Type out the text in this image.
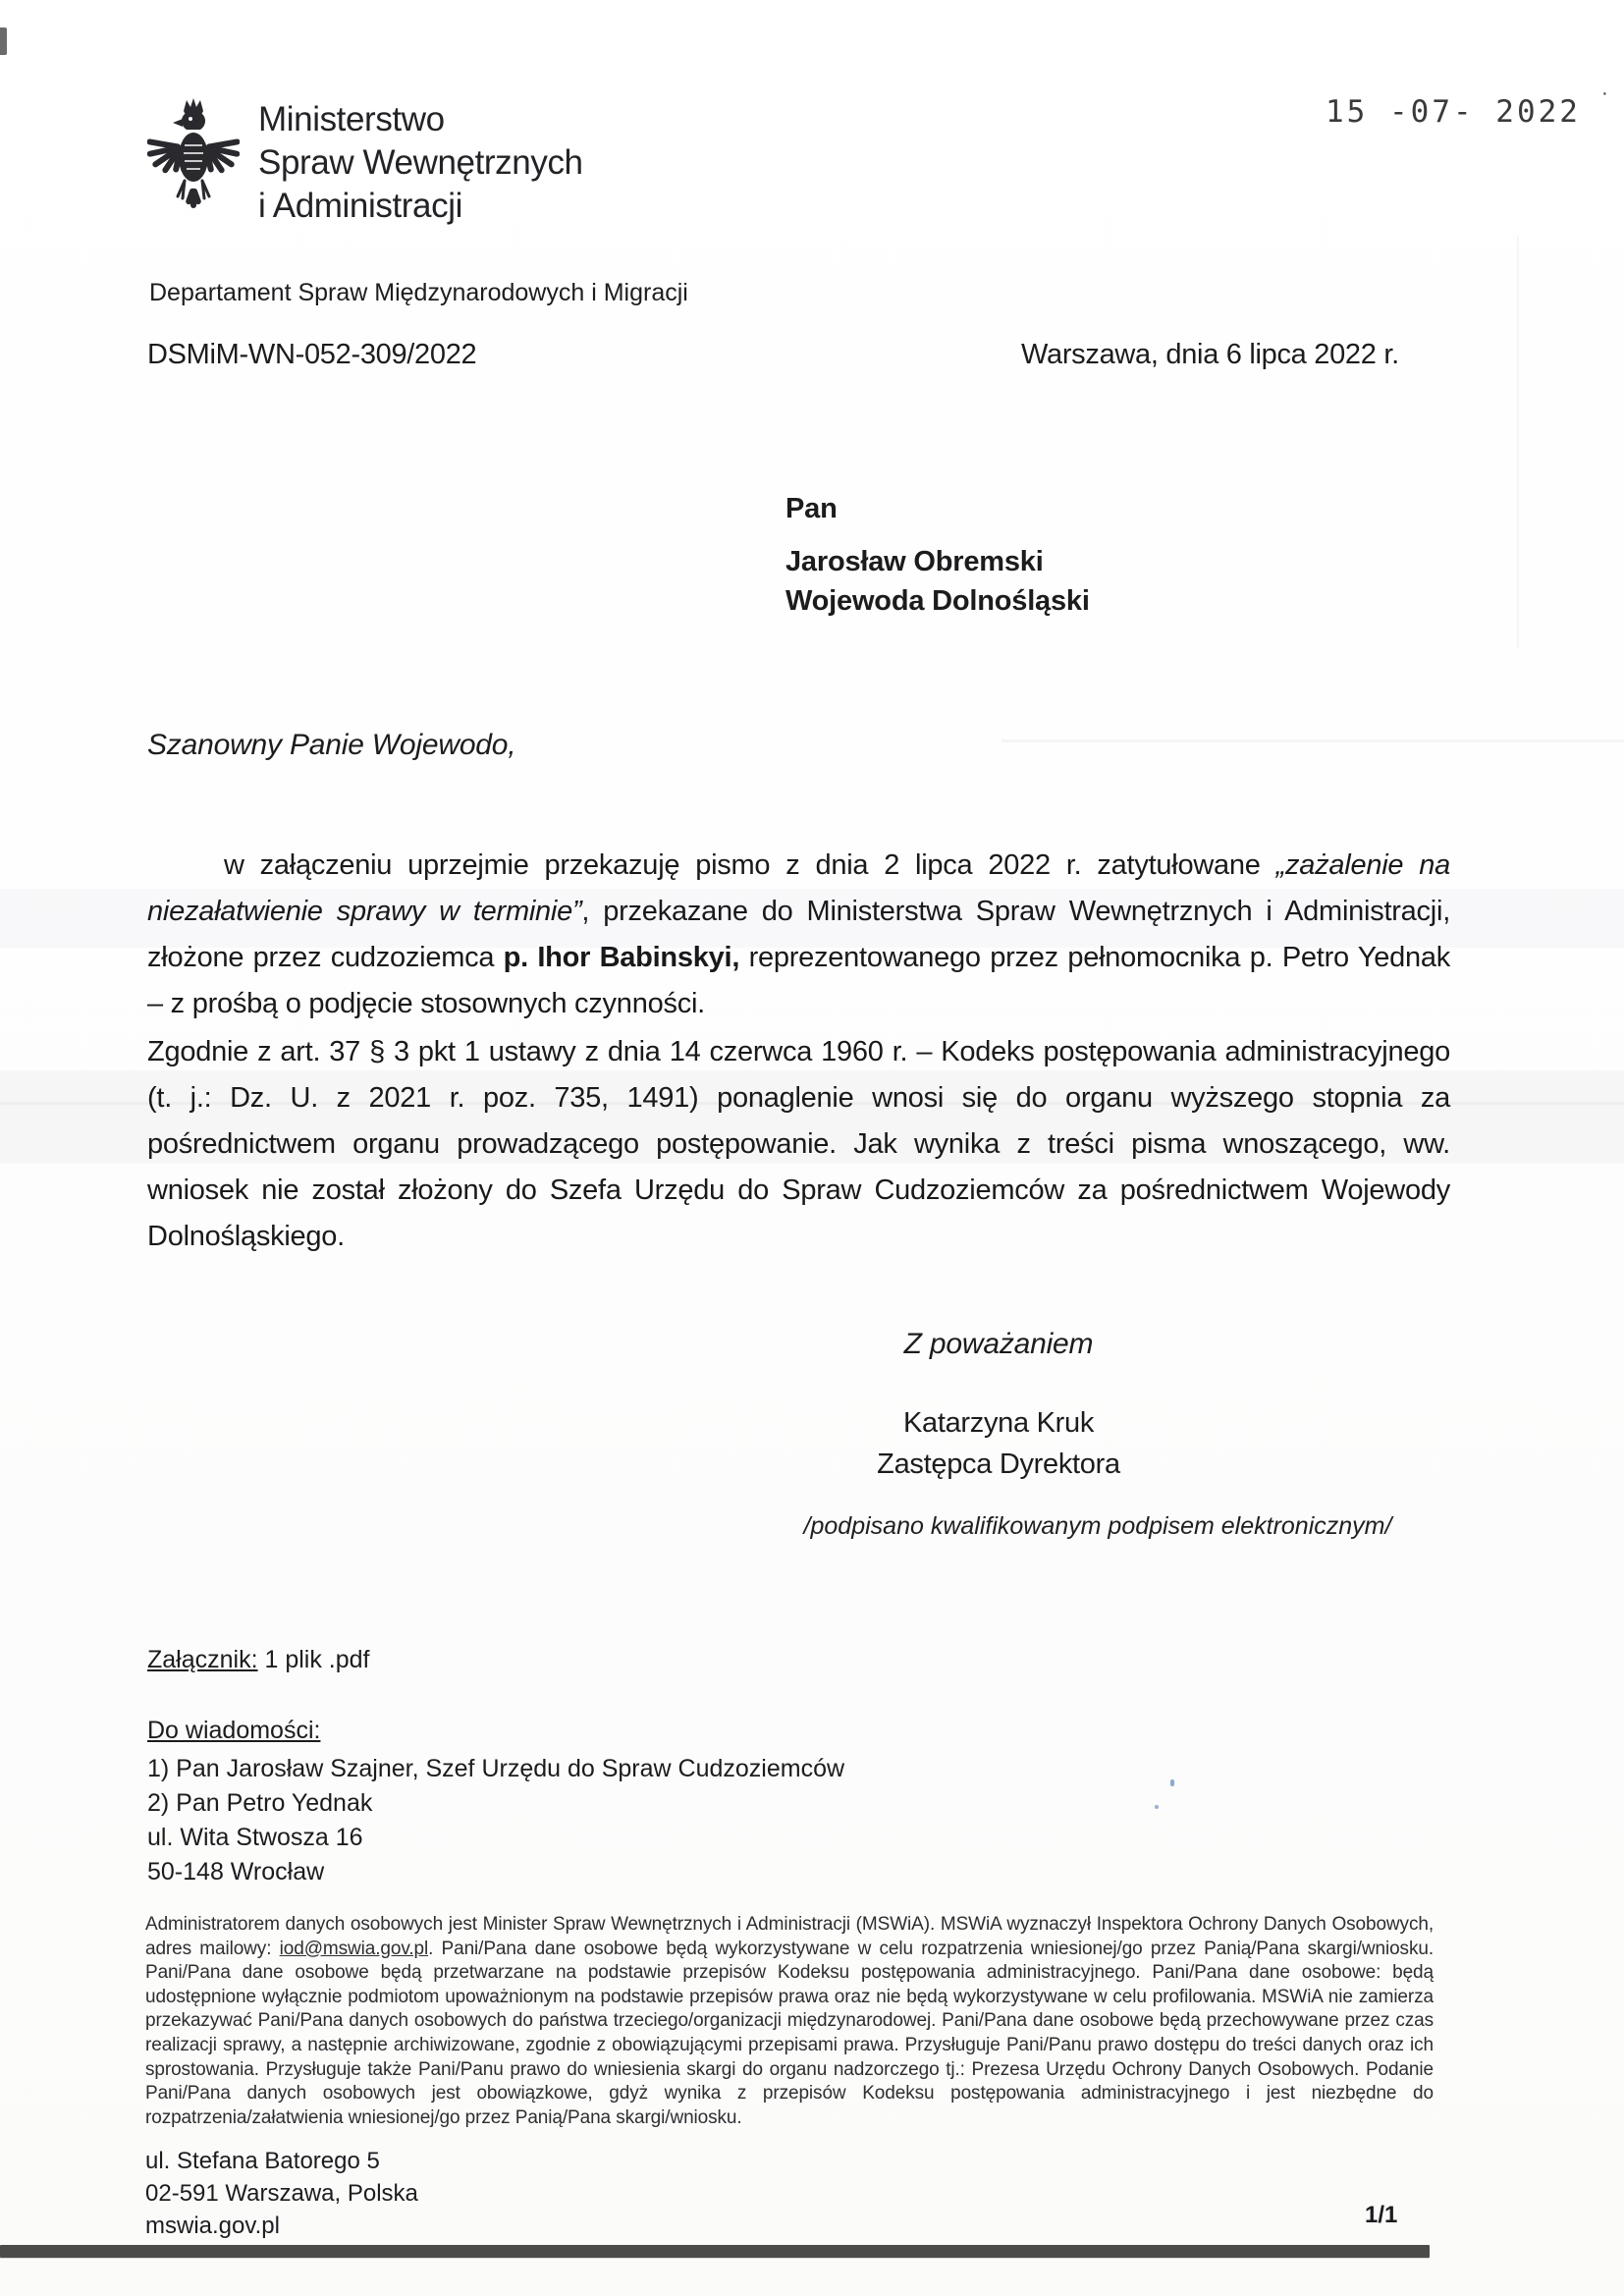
Ministerstwo
Spraw Wewnętrznych
i Administracji
15 -07- 2022 ˙
Departament Spraw Międzynarodowych i Migracji
DSMiM-WN-052-309/2022	Warszawa, dnia 6 lipca 2022 r.
Pan
Jarosław Obremski
Wojewoda Dolnośląski
Szanowny Panie Wojewodo,
w załączeniu uprzejmie przekazuję pismo z dnia 2 lipca 2022 r. zatytułowane „zażalenie na niezałatwienie sprawy w terminie”, przekazane do Ministerstwa Spraw Wewnętrznych i Administracji, złożone przez cudzoziemca p. Ihor Babinskyi, reprezentowanego przez pełnomocnika p. Petro Yednak – z prośbą o podjęcie stosownych czynności.
Zgodnie z art. 37 § 3 pkt 1 ustawy z dnia 14 czerwca 1960 r. – Kodeks postępowania administracyjnego (t. j.: Dz. U. z 2021 r. poz. 735, 1491) ponaglenie wnosi się do organu wyższego stopnia za pośrednictwem organu prowadzącego postępowanie. Jak wynika z treści pisma wnoszącego, ww. wniosek nie został złożony do Szefa Urzędu do Spraw Cudzoziemców za pośrednictwem Wojewody Dolnośląskiego.
Z poważaniem
Katarzyna Kruk
Zastępca Dyrektora
/podpisano kwalifikowanym podpisem elektronicznym/
Załącznik: 1 plik .pdf
Do wiadomości:
1) Pan Jarosław Szajner, Szef Urzędu do Spraw Cudzoziemców
2) Pan Petro Yednak
ul. Wita Stwosza 16
50-148 Wrocław
Administratorem danych osobowych jest Minister Spraw Wewnętrznych i Administracji (MSWiA). MSWiA wyznaczył Inspektora Ochrony Danych Osobowych, adres mailowy: iod@mswia.gov.pl. Pani/Pana dane osobowe będą wykorzystywane w celu rozpatrzenia wniesionej/go przez Panią/Pana skargi/wniosku. Pani/Pana dane osobowe będą przetwarzane na podstawie przepisów Kodeksu postępowania administracyjnego. Pani/Pana dane osobowe: będą udostępnione wyłącznie podmiotom upoważnionym na podstawie przepisów prawa oraz nie będą wykorzystywane w celu profilowania. MSWiA nie zamierza przekazywać Pani/Pana danych osobowych do państwa trzeciego/organizacji międzynarodowej. Pani/Pana dane osobowe będą przechowywane przez czas realizacji sprawy, a następnie archiwizowane, zgodnie z obowiązującymi przepisami prawa. Przysługuje Pani/Panu prawo dostępu do treści danych oraz ich sprostowania. Przysługuje także Pani/Panu prawo do wniesienia skargi do organu nadzorczego tj.: Prezesa Urzędu Ochrony Danych Osobowych. Podanie Pani/Pana danych osobowych jest obowiązkowe, gdyż wynika z przepisów Kodeksu postępowania administracyjnego i jest niezbędne do rozpatrzenia/załatwienia wniesionej/go przez Panią/Pana skargi/wniosku.
ul. Stefana Batorego 5
02-591 Warszawa, Polska
mswia.gov.pl	1/1
